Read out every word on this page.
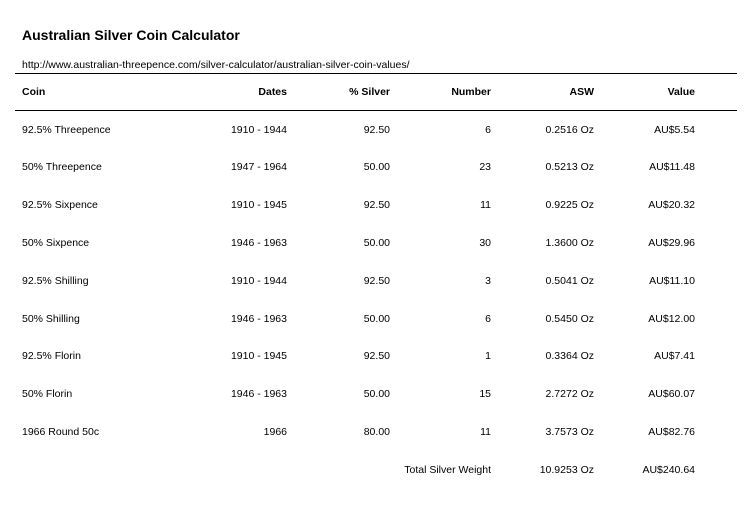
Australian Silver Coin Calculator
http://www.australian-threepence.com/silver-calculator/australian-silver-coin-values/
Coin	Dates	% Silver	Number	ASW	Value
92.5% Threepence	1910 - 1944	92.50	6	0.2516 Oz	AU$5.54
50% Threepence	1947 - 1964	50.00	23	0.5213 Oz	AU$11.48
92.5% Sixpence	1910 - 1945	92.50	11	0.9225 Oz	AU$20.32
50% Sixpence	1946 - 1963	50.00	30	1.3600 Oz	AU$29.96
92.5% Shilling	1910 - 1944	92.50	3	0.5041 Oz	AU$11.10
50% Shilling	1946 - 1963	50.00	6	0.5450 Oz	AU$12.00
92.5% Florin	1910 - 1945	92.50	1	0.3364 Oz	AU$7.41
50% Florin	1946 - 1963	50.00	15	2.7272 Oz	AU$60.07
1966 Round 50c	1966	80.00	11	3.7573 Oz	AU$82.76
Total Silver Weight	10.9253 Oz	AU$240.64
